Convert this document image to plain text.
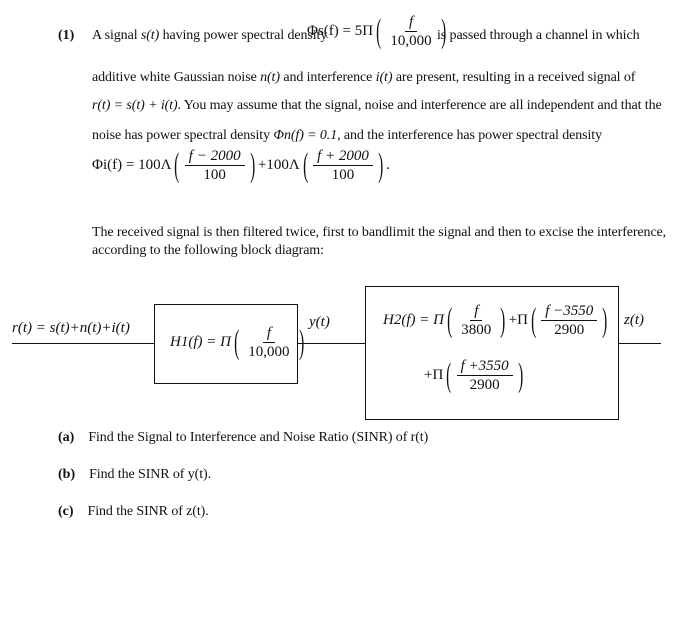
(1) A signal s(t) having power spectral density
Φs(f) = 5Π ( $\frac{f}{10,000}$
) is passed through a channel in which
additive white Gaussian noise n(t) and interference i(t) are present, resulting in a received signal of
r(t) = s(t) + i(t). You may assume that the signal, noise and interference are all independent and that the
noise has power spectral density Φn(f) = 0.1, and the interference has power spectral density
Φi(f) = 100Λ ( $\frac{f - 2000}{100}$
) +100Λ ( $\frac{f + 2000}{100}$
) .
The received signal is then filtered twice, first to bandlimit the signal and then to excise the interference,
according to the following block diagram:
r(t) = s(t)+n(t)+i(t)
H1(f) = Π ( $\frac{f}{10,000}$
)
y(t)	H2(f) = Π ( $\frac{f}{3800}$
) +Π ( $\frac{f -3550}{2900}$
)
+Π ( $\frac{f +3550}{2900}$
)
z(t)
(a) Find the Signal to Interference and Noise Ratio (SINR) of r(t)
(b) Find the SINR of y(t).
(c) Find the SINR of z(t).
